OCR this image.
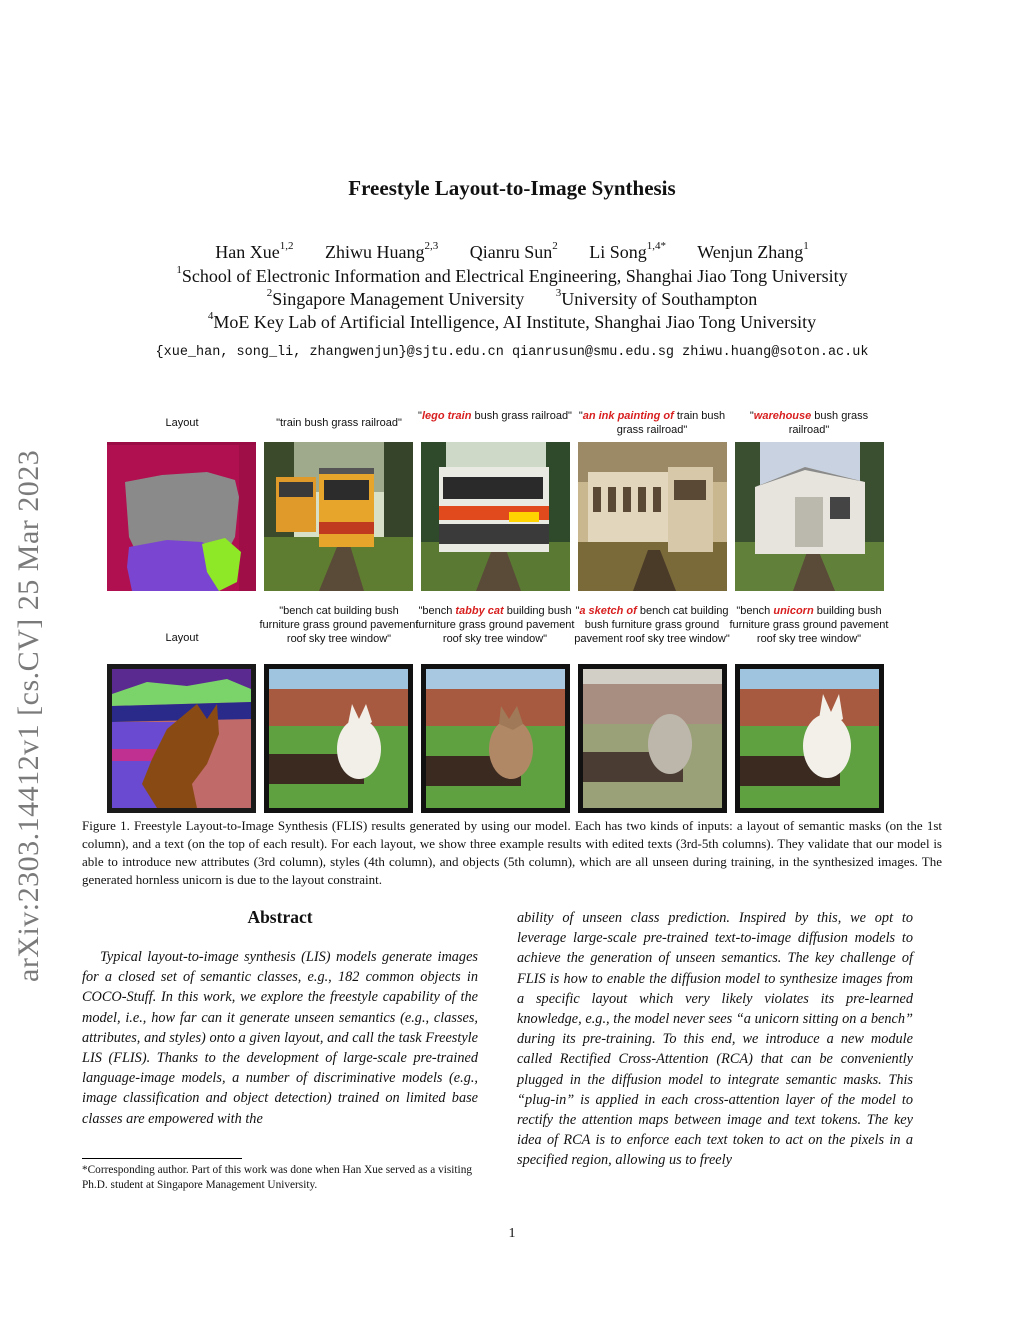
arXiv:2303.14412v1 [cs.CV] 25 Mar 2023
Freestyle Layout-to-Image Synthesis
Han Xue$^{1,2}$ Zhiwu Huang$^{2,3}$ Qianru Sun$^2$ Li Song$^{1,4*}$ Wenjun Zhang$^1$
$^1$School of Electronic Information and Electrical Engineering, Shanghai Jiao Tong University
$^2$Singapore Management University	$^3$University of Southampton
$^4$MoE Key Lab of Artificial Intelligence, AI Institute, Shanghai Jiao Tong University
{xue_han, song_li, zhangwenjun}@sjtu.edu.cn qianrusun@smu.edu.sg zhiwu.huang@soton.ac.uk
Layout	"train bush grass railroad"
"lego train bush grass railroad" "an ink painting of train bush grass railroad"
"warehouse bush grass railroad"
Layout
"bench cat building bush furniture grass ground pavement roof sky tree window"
"bench tabby cat building bush furniture grass ground pavement roof sky tree window"
"a sketch of bench cat building bush furniture grass ground pavement roof sky tree window"
"bench unicorn building bush furniture grass ground pavement roof sky tree window"
Figure 1. Freestyle Layout-to-Image Synthesis (FLIS) results generated by using our model. Each has two kinds of inputs: a layout of semantic masks (on the 1st column), and a text (on the top of each result). For each layout, we show three example results with edited texts (3rd-5th columns). They validate that our model is able to introduce new attributes (3rd column), styles (4th column), and objects (5th column), which are all unseen during training, in the synthesized images. The generated hornless unicorn is due to the layout constraint.
Abstract
Typical layout-to-image synthesis (LIS) models generate images for a closed set of semantic classes, e.g., 182 common objects in COCO-Stuff. In this work, we explore the freestyle capability of the model, i.e., how far can it generate unseen semantics (e.g., classes, attributes, and styles) onto a given layout, and call the task Freestyle LIS (FLIS). Thanks to the development of large-scale pre-trained language-image models, a number of discriminative models (e.g., image classification and object detection) trained on limited base classes are empowered with the
ability of unseen class prediction. Inspired by this, we opt to leverage large-scale pre-trained text-to-image diffusion models to achieve the generation of unseen semantics. The key challenge of FLIS is how to enable the diffusion model to synthesize images from a specific layout which very likely violates its pre-learned knowledge, e.g., the model never sees “a unicorn sitting on a bench” during its pre-training. To this end, we introduce a new module called Rectified Cross-Attention (RCA) that can be conveniently plugged in the diffusion model to integrate semantic masks. This “plug-in” is applied in each cross-attention layer of the model to rectify the attention maps between image and text tokens. The key idea of RCA is to enforce each text token to act on the pixels in a specified region, allowing us to freely
*Corresponding author. Part of this work was done when Han Xue served as a visiting Ph.D. student at Singapore Management University.
1
